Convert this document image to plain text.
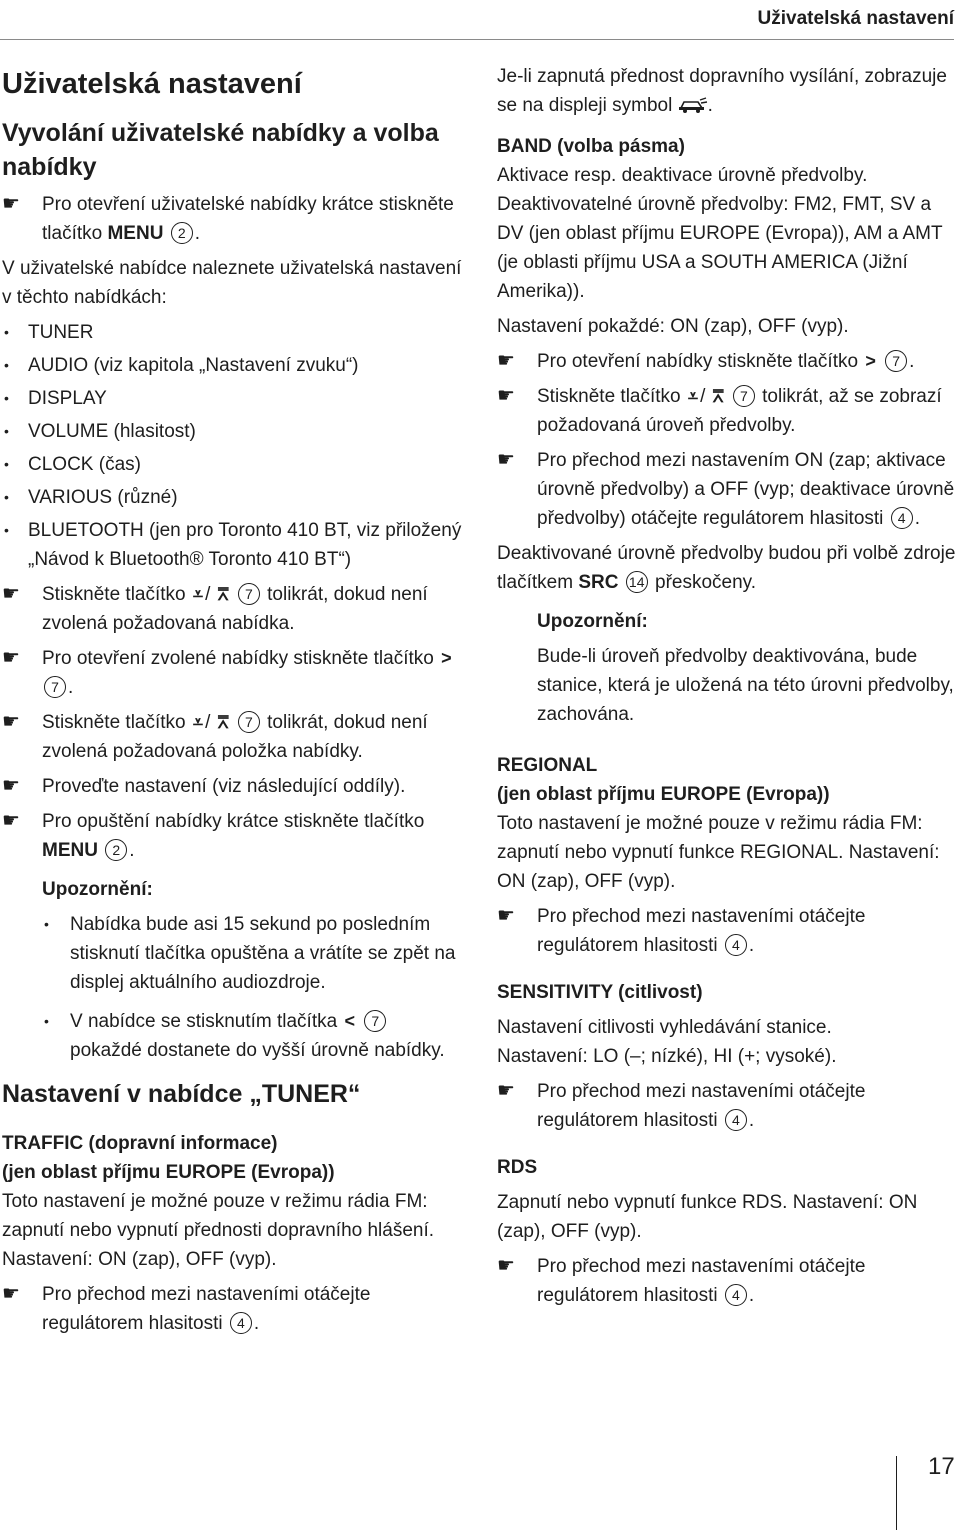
Uživatelská nastavení
Uživatelská nastavení
Vyvolání uživatelské nabídky a volba nabídky
☛ Pro otevření uživatelské nabídky krátce stiskněte tlačítko MENU 2 .

V uživatelské nabídce naleznete uživatelská nastavení v těchto nabídkách:

• TUNER
• AUDIO (viz kapitola „Nastavení zvuku“)
• DISPLAY
• VOLUME (hlasitost)
• CLOCK (čas)
• VARIOUS (různé)
• BLUETOOTH (jen pro Toronto 410 BT, viz přiložený „Návod k Bluetooth® Toronto 410 BT“)
☛ Stiskněte tlačítko ⩡ / ⩞ 7 tolikrát, dokud není zvolená požadovaná nabídka.
☛ Pro otevření zvolené nabídky stiskněte tlačítko > 7 .
☛ Stiskněte tlačítko ⩡ / ⩞ 7 tolikrát, dokud není zvolená požadovaná položka nabídky.
☛ Proveďte nastavení (viz následující oddíly).
☛ Pro opuštění nabídky krátce stiskněte tlačítko MENU 2 .
Upozornění:
• Nabídka bude asi 15 sekund po posledním stisknutí tlačítka opuštěna a vrátíte se zpět na displej aktuálního audiozdroje.
• V nabídce se stisknutím tlačítka < 7 pokaždé dostanete do vyšší úrovně nabídky.
Nastavení v nabídce „TUNER“
TRAFFIC (dopravní informace)
(jen oblast příjmu EUROPE (Evropa))

Toto nastavení je možné pouze v režimu rádia FM: zapnutí nebo vypnutí přednosti dopravního hlášení. Nastavení: ON (zap), OFF (vyp).

☛ Pro přechod mezi nastaveními otáčejte regulátorem hlasitosti 4 .

Je-li zapnutá přednost dopravního vysílání, zobrazuje se na displeji symbol .

BAND (volba pásma)

Aktivace resp. deaktivace úrovně předvolby.

Deaktivovatelné úrovně předvolby: FM2, FMT, SV a DV (jen oblast příjmu EUROPE (Evropa)), AM a AMT (je oblasti příjmu USA a SOUTH AMERICA (Jižní Amerika)).

Nastavení pokaždé: ON (zap), OFF (vyp).

☛ Pro otevření nabídky stiskněte tlačítko > 7 .
☛ Stiskněte tlačítko ⩡ / ⩞ 7 tolikrát, až se zobrazí požadovaná úroveň předvolby.
☛ Pro přechod mezi nastavením ON (zap; aktivace úrovně předvolby) a OFF (vyp; deaktivace úrovně předvolby) otáčejte regulátorem hlasitosti 4 .

Deaktivované úrovně předvolby budou při volbě zdroje tlačítkem SRC 14 přeskočeny.

Upozornění:

Bude-li úroveň předvolby deaktivována, bude stanice, která je uložená na této úrovni předvolby, zachována.

REGIONAL
(jen oblast příjmu EUROPE (Evropa))

Toto nastavení je možné pouze v režimu rádia FM: zapnutí nebo vypnutí funkce REGIONAL. Nastavení: ON (zap), OFF (vyp).

☛ Pro přechod mezi nastaveními otáčejte regulátorem hlasitosti 4 .
SENSITIVITY (citlivost)

Nastavení citlivosti vyhledávání stanice.

Nastavení: LO (–; nízké), HI (+; vysoké).

☛ Pro přechod mezi nastaveními otáčejte regulátorem hlasitosti 4 .
RDS

Zapnutí nebo vypnutí funkce RDS. Nastavení: ON (zap), OFF (vyp).

☛ Pro přechod mezi nastaveními otáčejte regulátorem hlasitosti 4 .
17
